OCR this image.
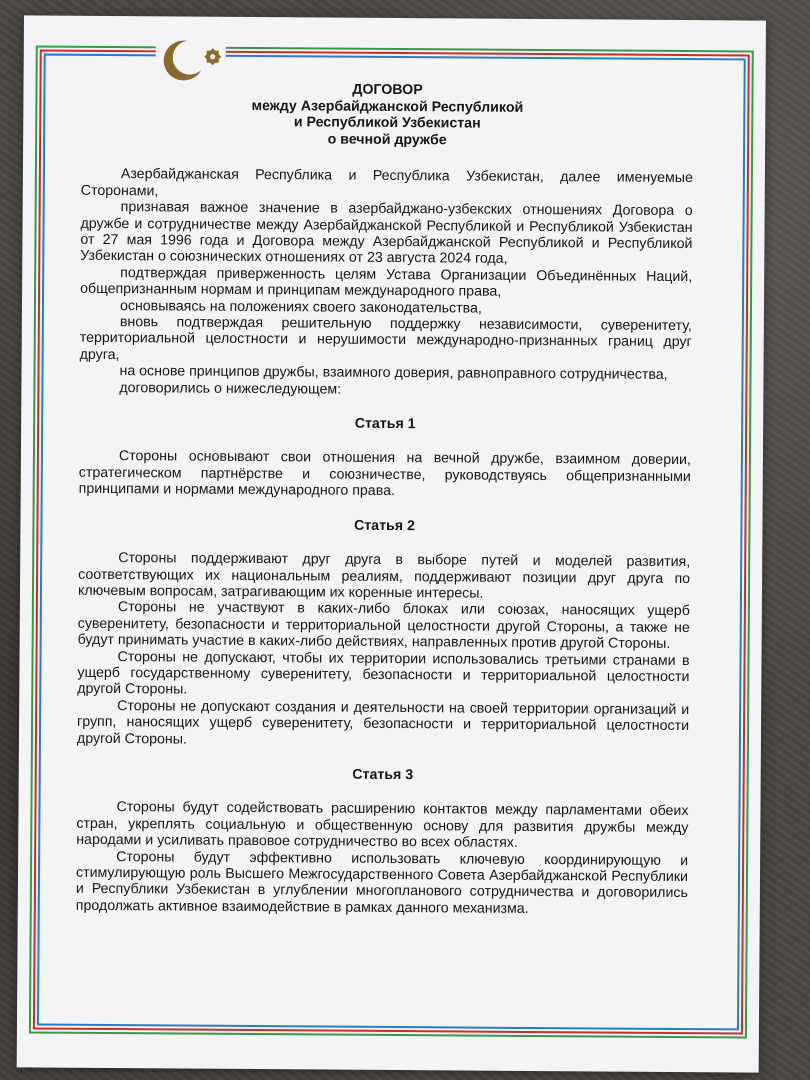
ДОГОВОР

между Азербайджанской Республикой

и Республикой Узбекистан

о вечной дружбе

Азербайджанская Республика и Республика Узбекистан, далее именуемые Сторонами,

признавая важное значение в азербайджано-узбекских отношениях Договора о дружбе и сотрудничестве между Азербайджанской Республикой и Республикой Узбекистан от 27 мая 1996 года и Договора между Азербайджанской Республикой и Республикой Узбекистан о союзнических отношениях от 23 августа 2024 года,

подтверждая приверженность целям Устава Организации Объединённых Наций, общепризнанным нормам и принципам международного права,

основываясь на положениях своего законодательства,

вновь подтверждая решительную поддержку независимости, суверенитету, территориальной целостности и нерушимости международно-признанных границ друг друга,

на основе принципов дружбы, взаимного доверия, равноправного сотрудничества,

договорились о нижеследующем:

Статья 1

Стороны основывают свои отношения на вечной дружбе, взаимном доверии, стратегическом партнёрстве и союзничестве, руководствуясь общепризнанными принципами и нормами международного права.

Статья 2

Стороны поддерживают друг друга в выборе путей и моделей развития, соответствующих их национальным реалиям, поддерживают позиции друг друга по ключевым вопросам, затрагивающим их коренные интересы.

Стороны не участвуют в каких-либо блоках или союзах, наносящих ущерб суверенитету, безопасности и территориальной целостности другой Стороны, а также не будут принимать участие в каких-либо действиях, направленных против другой Стороны.

Стороны не допускают, чтобы их территории использовались третьими странами в ущерб государственному суверенитету, безопасности и территориальной целостности другой Стороны.

Стороны не допускают создания и деятельности на своей территории организаций и групп, наносящих ущерб суверенитету, безопасности и территориальной целостности другой Стороны.

Статья 3

Стороны будут содействовать расширению контактов между парламентами обеих стран, укреплять социальную и общественную основу для развития дружбы между народами и усиливать правовое сотрудничество во всех областях.

Стороны будут эффективно использовать ключевую координирующую и стимулирующую роль Высшего Межгосударственного Совета Азербайджанской Республики и Республики Узбекистан в углублении многопланового сотрудничества и договорились продолжать активное взаимодействие в рамках данного механизма.
